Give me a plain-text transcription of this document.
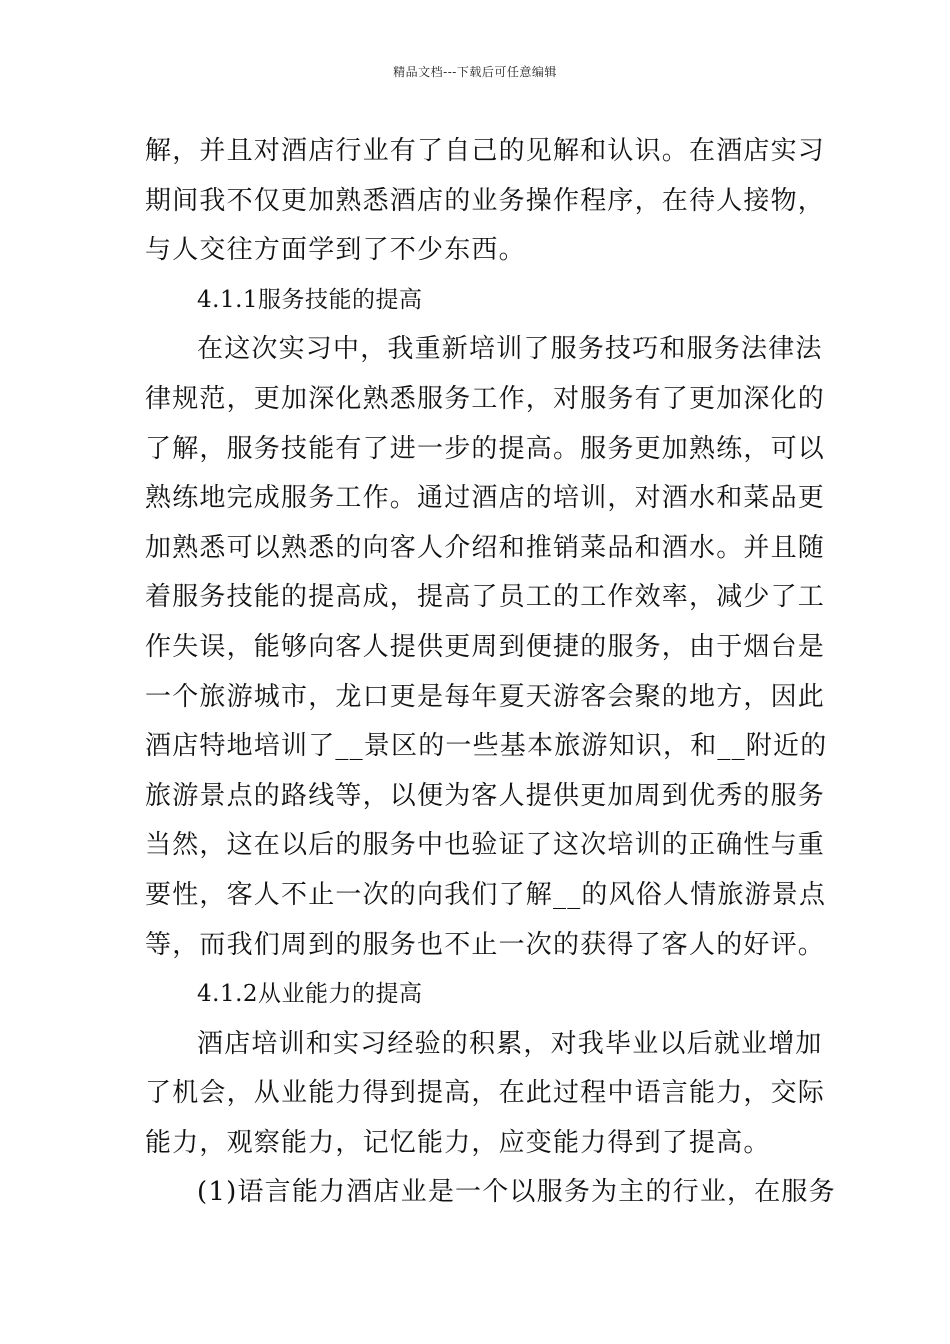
精品文档---下载后可任意编辑
解，并且对酒店行业有了自己的见解和认识。在酒店实习
期间我不仅更加熟悉酒店的业务操作程序，在待人接物，
与人交往方面学到了不少东西。
4.1.1服务技能的提高
在这次实习中，我重新培训了服务技巧和服务法律法
律规范，更加深化熟悉服务工作，对服务有了更加深化的
了解，服务技能有了进一步的提高。服务更加熟练，可以
熟练地完成服务工作。通过酒店的培训，对酒水和菜品更
加熟悉可以熟悉的向客人介绍和推销菜品和酒水。并且随
着服务技能的提高成，提高了员工的工作效率，减少了工
作失误，能够向客人提供更周到便捷的服务，由于烟台是
一个旅游城市，龙口更是每年夏天游客会聚的地方，因此
酒店特地培训了__景区的一些基本旅游知识，和__附近的
旅游景点的路线等，以便为客人提供更加周到优秀的服务
当然，这在以后的服务中也验证了这次培训的正确性与重
要性，客人不止一次的向我们了解__的风俗人情旅游景点
等，而我们周到的服务也不止一次的获得了客人的好评。
4.1.2从业能力的提高
酒店培训和实习经验的积累，对我毕业以后就业增加
了机会，从业能力得到提高，在此过程中语言能力，交际
能力，观察能力，记忆能力，应变能力得到了提高。
(1)语言能力酒店业是一个以服务为主的行业，在服务
